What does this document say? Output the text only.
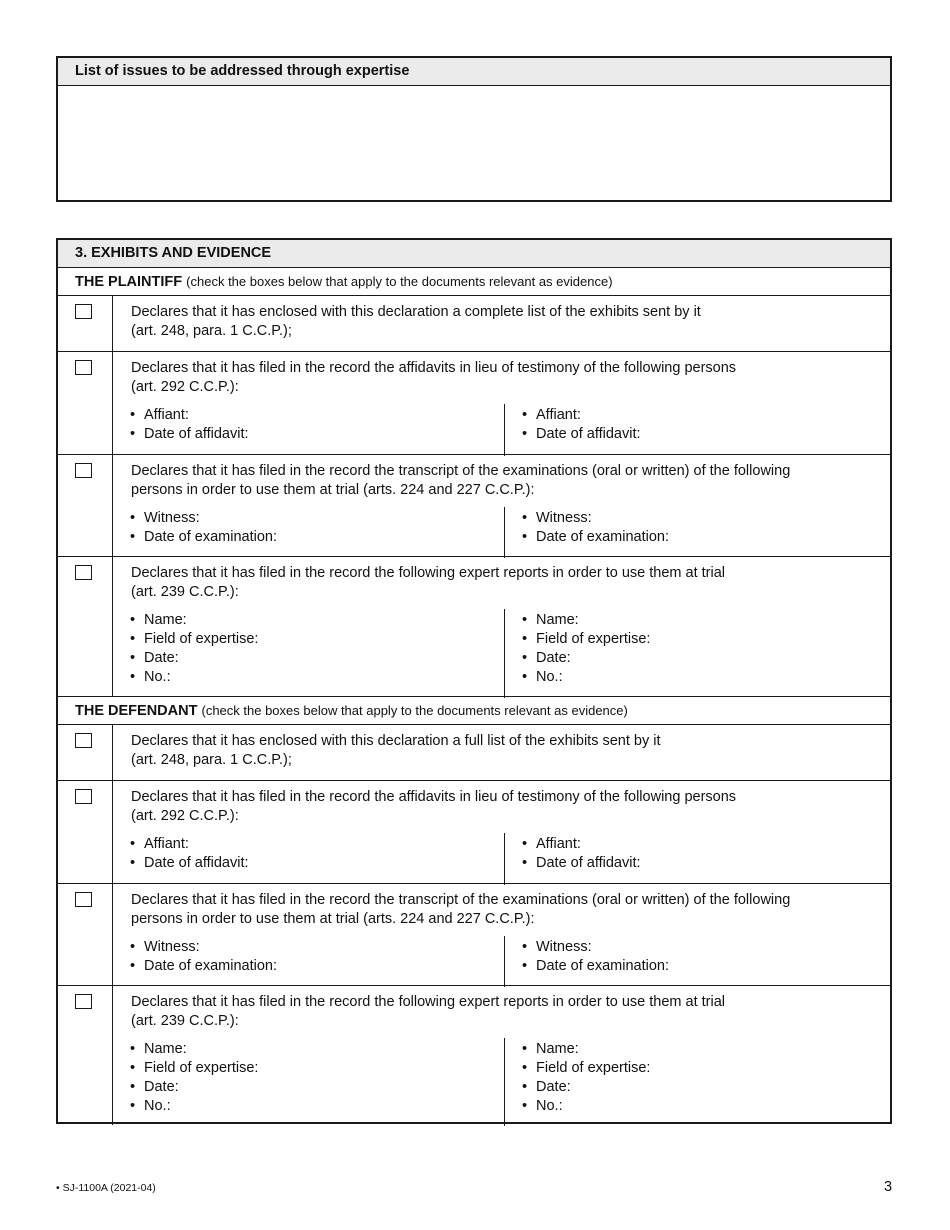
List of issues to be addressed through expertise
3. EXHIBITS AND EVIDENCE
THE PLAINTIFF (check the boxes below that apply to the documents relevant as evidence)
Declares that it has enclosed with this declaration a complete list of the exhibits sent by it
(art. 248, para. 1 C.C.P.);
Declares that it has filed in the record the affidavits in lieu of testimony of the following persons
(art. 292 C.C.P.):
• Affiant:
• Date of affidavit:
• Affiant:
• Date of affidavit:
Declares that it has filed in the record the transcript of the examinations (oral or written) of the following
persons in order to use them at trial (arts. 224 and 227 C.C.P.):
• Witness:
• Date of examination:
• Witness:
• Date of examination:
Declares that it has filed in the record the following expert reports in order to use them at trial
(art. 239 C.C.P.):
• Name:
• Field of expertise:
• Date:
• No.:
• Name:
• Field of expertise:
• Date:
• No.:
THE DEFENDANT (check the boxes below that apply to the documents relevant as evidence)
Declares that it has enclosed with this declaration a full list of the exhibits sent by it
(art. 248, para. 1 C.C.P.);
Declares that it has filed in the record the affidavits in lieu of testimony of the following persons
(art. 292 C.C.P.):
• Affiant:
• Date of affidavit:
• Affiant:
• Date of affidavit:
Declares that it has filed in the record the transcript of the examinations (oral or written) of the following
persons in order to use them at trial (arts. 224 and 227 C.C.P.):
• Witness:
• Date of examination:
• Witness:
• Date of examination:
Declares that it has filed in the record the following expert reports in order to use them at trial
(art. 239 C.C.P.):
• Name:
• Field of expertise:
• Date:
• No.:
• Name:
• Field of expertise:
• Date:
• No.:
• SJ-1100A (2021-04)	3
